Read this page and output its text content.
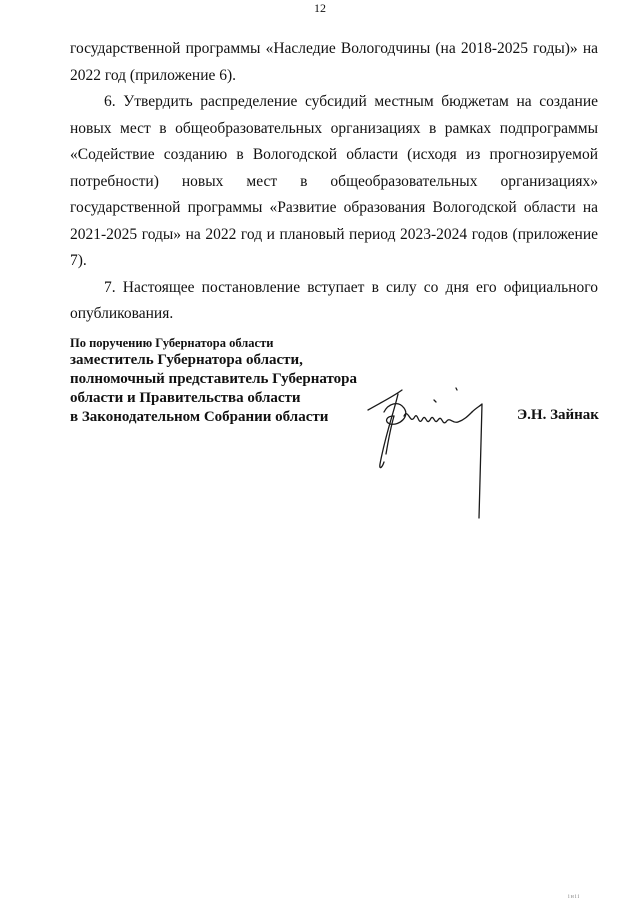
12

государственной программы «Наследие Вологодчины (на 2018-2025 годы)» на 2022 год (приложение 6).

6. Утвердить распределение субсидий местным бюджетам на создание новых мест в общеобразовательных организациях в рамках подпрограммы «Содействие созданию в Вологодской области (исходя из прогнозируемой потребности) новых мест в общеобразовательных организациях» государственной программы «Развитие образования Вологодской области на 2021-2025 годы» на 2022 год и плановый период 2023-2024 годов (приложение 7).

7. Настоящее постановление вступает в силу со дня его официального опубликования.

По поручению Губернатора области
заместитель Губернатора области,
полномочный представитель Губернатора
области и Правительства области
в Законодательном Собрании области	Э.Н. Зайнак
ініі
